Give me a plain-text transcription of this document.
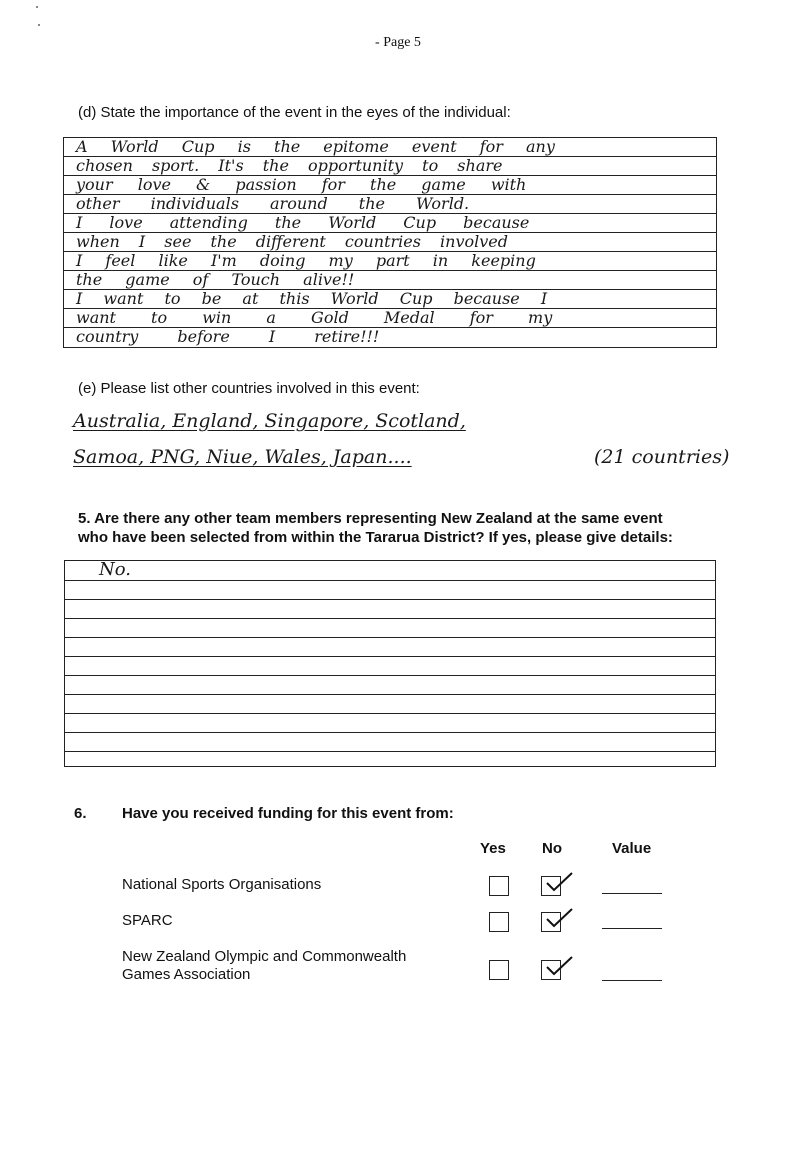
- Page 5
(d) State the importance of the event in the eyes of the individual:
A World Cup is the epitome event for any
chosen sport. It's the opportunity to share
your love & passion for the game with
other individuals around the World.
I love attending the World Cup because
when I see the different countries involved
I feel like I'm doing my part in keeping
the game of Touch alive!!
I want to be at this World Cup because I
want to win a Gold Medal for my
country before I retire!!!
(e) Please list other countries involved in this event:
Australia, England, Singapore, Scotland,
Samoa, PNG, Niue, Wales, Japan....	(21 countries)
5. Are there any other team members representing New Zealand at the same event
who have been selected from within the Tararua District? If yes, please give details:
No.
6. Have you received funding for this event from:
Yes No	Value
National Sports Organisations
SPARC
New Zealand Olympic and Commonwealth Games Association
